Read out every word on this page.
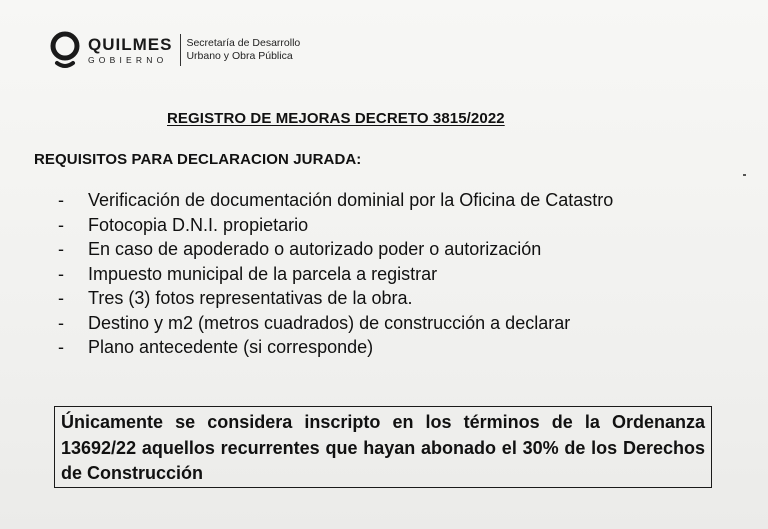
QUILMES
GOBIERNO
Secretaría de Desarrollo
Urbano y Obra Pública
REGISTRO DE MEJORAS DECRETO 3815/2022
REQUISITOS PARA DECLARACION JURADA:
-	Verificación de documentación dominial por la Oficina de Catastro
-	Fotocopia D.N.I. propietario
-	En caso de apoderado o autorizado poder o autorización
-	Impuesto municipal de la parcela a registrar
-	Tres (3) fotos representativas de la obra.
-	Destino y m2 (metros cuadrados) de construcción a declarar
-	Plano antecedente (si corresponde)
Únicamente se considera inscripto en los términos de la Ordenanza 13692/22 aquellos recurrentes que hayan abonado el 30% de los Derechos de Construcción
